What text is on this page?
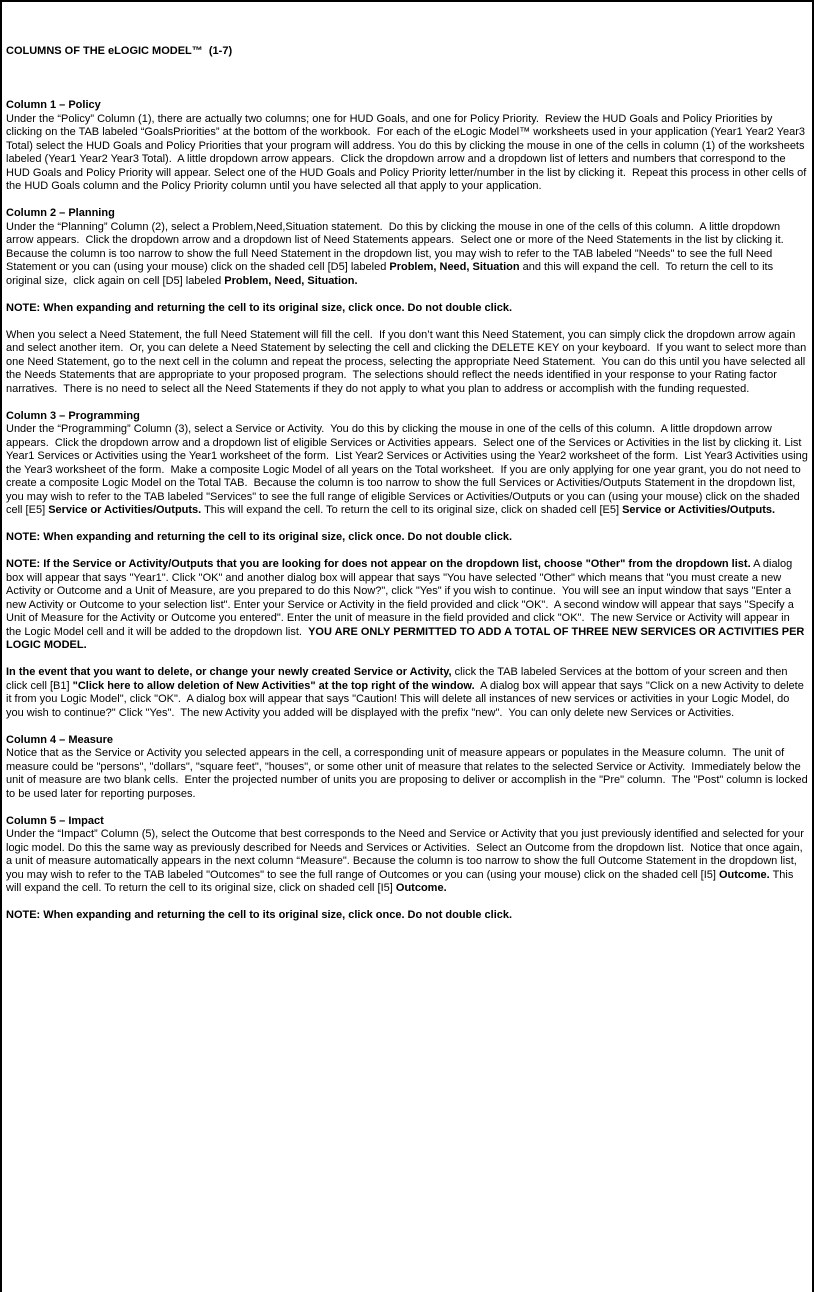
COLUMNS OF THE eLOGIC MODEL™  (1-7)

Column 1 – Policy

Under the “Policy” Column (1), there are actually two columns; one for HUD Goals, and one for Policy Priority.  Review the HUD Goals and Policy Priorities by clicking on the TAB labeled “GoalsPriorities” at the bottom of the workbook.  For each of the eLogic Model™ worksheets used in your application (Year1 Year2 Year3 Total) select the HUD Goals and Policy Priorities that your program will address. You do this by clicking the mouse in one of the cells in column (1) of the worksheets labeled (Year1 Year2 Year3 Total).  A little dropdown arrow appears.  Click the dropdown arrow and a dropdown list of letters and numbers that correspond to the HUD Goals and Policy Priority will appear. Select one of the HUD Goals and Policy Priority letter/number in the list by clicking it.  Repeat this process in other cells of the HUD Goals column and the Policy Priority column until you have selected all that apply to your application.

Column 2 – Planning

Under the “Planning” Column (2), select a Problem,Need,Situation statement.  Do this by clicking the mouse in one of the cells of this column.  A little dropdown arrow appears.  Click the dropdown arrow and a dropdown list of Need Statements appears.  Select one or more of the Need Statements in the list by clicking it.  Because the column is too narrow to show the full Need Statement in the dropdown list, you may wish to refer to the TAB labeled "Needs" to see the full Need Statement or you can (using your mouse) click on the shaded cell [D5] labeled Problem, Need, Situation and this will expand the cell.  To return the cell to its original size,  click again on cell [D5] labeled Problem, Need, Situation.

NOTE: When expanding and returning the cell to its original size, click once. Do not double click.

When you select a Need Statement, the full Need Statement will fill the cell.  If you don’t want this Need Statement, you can simply click the dropdown arrow again and select another item.  Or, you can delete a Need Statement by selecting the cell and clicking the DELETE KEY on your keyboard.  If you want to select more than one Need Statement, go to the next cell in the column and repeat the process, selecting the appropriate Need Statement.  You can do this until you have selected all the Needs Statements that are appropriate to your proposed program.  The selections should reflect the needs identified in your response to your Rating factor narratives.  There is no need to select all the Need Statements if they do not apply to what you plan to address or accomplish with the funding requested.

Column 3 – Programming

Under the “Programming” Column (3), select a Service or Activity.  You do this by clicking the mouse in one of the cells of this column.  A little dropdown arrow appears.  Click the dropdown arrow and a dropdown list of eligible Services or Activities appears.  Select one of the Services or Activities in the list by clicking it. List Year1 Services or Activities using the Year1 worksheet of the form.  List Year2 Services or Activities using the Year2 worksheet of the form.  List Year3 Activities using the Year3 worksheet of the form.  Make a composite Logic Model of all years on the Total worksheet.  If you are only applying for one year grant, you do not need to create a composite Logic Model on the Total TAB.  Because the column is too narrow to show the full Services or Activities/Outputs Statement in the dropdown list, you may wish to refer to the TAB labeled "Services" to see the full range of eligible Services or Activities/Outputs or you can (using your mouse) click on the shaded cell [E5] Service or Activities/Outputs. This will expand the cell. To return the cell to its original size, click on shaded cell [E5] Service or Activities/Outputs.

NOTE: When expanding and returning the cell to its original size, click once. Do not double click.

NOTE: If the Service or Activity/Outputs that you are looking for does not appear on the dropdown list, choose "Other" from the dropdown list. A dialog box will appear that says "Year1". Click "OK" and another dialog box will appear that says "You have selected "Other" which means that "you must create a new Activity or Outcome and a Unit of Measure, are you prepared to do this Now?", click "Yes" if you wish to continue.  You will see an input window that says "Enter a new Activity or Outcome to your selection list". Enter your Service or Activity in the field provided and click "OK".  A second window will appear that says "Specify a Unit of Measure for the Activity or Outcome you entered". Enter the unit of measure in the field provided and click "OK".  The new Service or Activity will appear in the Logic Model cell and it will be added to the dropdown list.  YOU ARE ONLY PERMITTED TO ADD A TOTAL OF THREE NEW SERVICES OR ACTIVITIES PER LOGIC MODEL.

In the event that you want to delete, or change your newly created Service or Activity, click the TAB labeled Services at the bottom of your screen and then click cell [B1] "Click here to allow deletion of New Activities" at the top right of the window.  A dialog box will appear that says "Click on a new Activity to delete it from you Logic Model", click "OK".  A dialog box will appear that says "Caution! This will delete all instances of new services or activities in your Logic Model, do you wish to continue?" Click "Yes".  The new Activity you added will be displayed with the prefix "new".  You can only delete new Services or Activities.

Column 4 – Measure

Notice that as the Service or Activity you selected appears in the cell, a corresponding unit of measure appears or populates in the Measure column.  The unit of measure could be "persons", "dollars", "square feet", "houses", or some other unit of measure that relates to the selected Service or Activity.  Immediately below the unit of measure are two blank cells.  Enter the projected number of units you are proposing to deliver or accomplish in the "Pre" column.  The "Post" column is locked to be used later for reporting purposes.

Column 5 – Impact

Under the “Impact” Column (5), select the Outcome that best corresponds to the Need and Service or Activity that you just previously identified and selected for your logic model. Do this the same way as previously described for Needs and Services or Activities.  Select an Outcome from the dropdown list.  Notice that once again, a unit of measure automatically appears in the next column “Measure". Because the column is too narrow to show the full Outcome Statement in the dropdown list, you may wish to refer to the TAB labeled "Outcomes" to see the full range of Outcomes or you can (using your mouse) click on the shaded cell [I5] Outcome. This will expand the cell. To return the cell to its original size, click on shaded cell [I5] Outcome.

NOTE: When expanding and returning the cell to its original size, click once. Do not double click.
